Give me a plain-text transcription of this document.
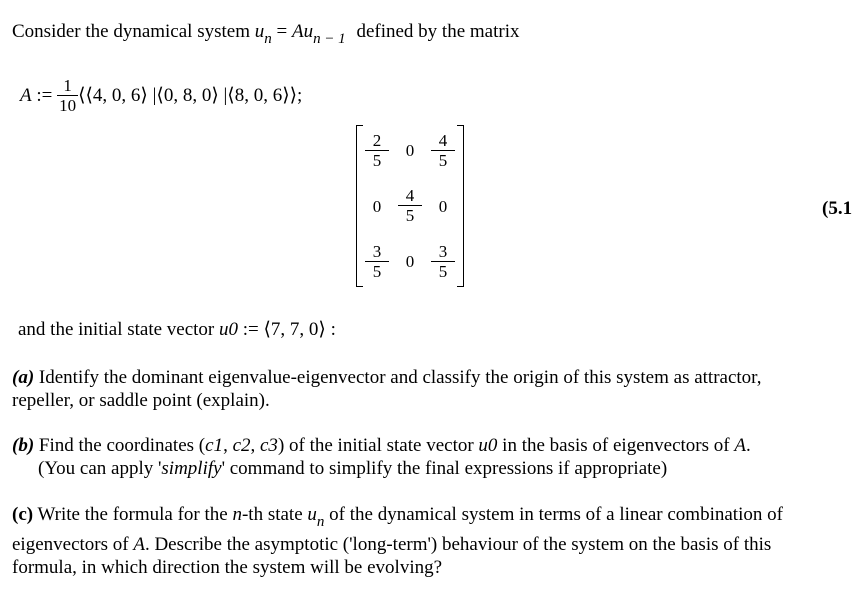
Consider the dynamical system $u_n = Au_{n - 1}$ defined by the matrix
A := $\frac{1}{10}$ ⟨⟨4, 0, 6⟩ |⟨0, 8, 0⟩ |⟨8, 0, 6⟩⟩;
$\frac{2}{5} 0 \frac{4}{5}$
$0 \frac{4}{5} 0$
$\frac{3}{5} 0 \frac{3}{5}$
(5.1
and the initial state vector u0 := ⟨7, 7, 0⟩ :
(a) Identify the dominant eigenvalue-eigenvector and classify the origin of this system as attractor,
repeller, or saddle point (explain).
(b) Find the coordinates (c1, c2, c3) of the initial state vector u0 in the basis of eigenvectors of A.
(You can apply 'simplify' command to simplify the final expressions if appropriate)
(c) Write the formula for the n-th state $u_n$ of the dynamical system in terms of a linear combination of
eigenvectors of A. Describe the asymptotic ('long-term') behaviour of the system on the basis of this
formula, in which direction the system will be evolving?
